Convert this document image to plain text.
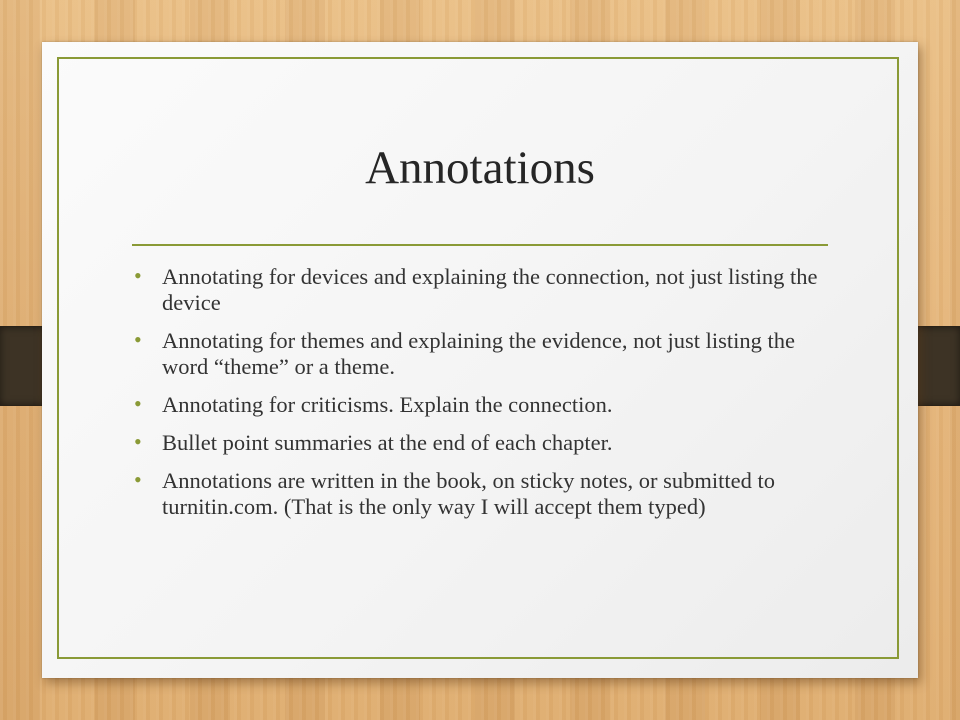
Annotations
• Annotating for devices and explaining the connection, not just listing the device
• Annotating for themes and explaining the evidence, not just listing the word “theme” or a theme.
• Annotating for criticisms. Explain the connection.
• Bullet point summaries at the end of each chapter.
• Annotations are written in the book, on sticky notes, or submitted to turnitin.com. (That is the only way I will accept them typed)
